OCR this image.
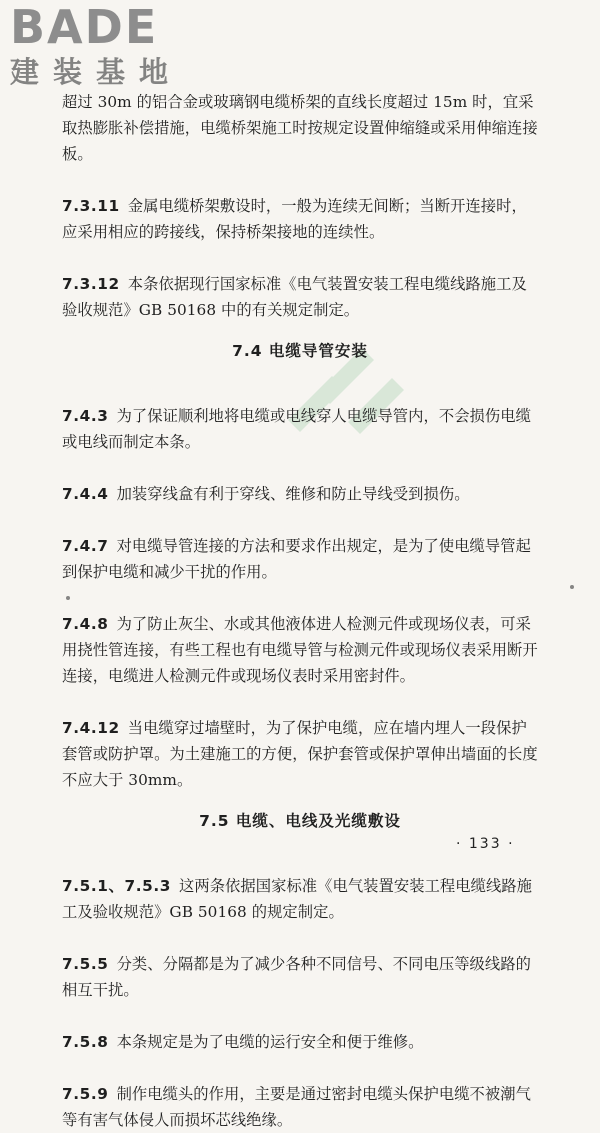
BADE
建装基地

超过 30m 的铝合金或玻璃钢电缆桥架的直线长度超过 15m 时，宜采取热膨胀补偿措施，电缆桥架施工时按规定设置伸缩缝或采用伸缩连接板。

7.3.11 金属电缆桥架敷设时，一般为连续无间断；当断开连接时，应采用相应的跨接线，保持桥架接地的连续性。

7.3.12 本条依据现行国家标准《电气装置安装工程电缆线路施工及验收规范》GB 50168 中的有关规定制定。

7.4 电缆导管安装

7.4.3 为了保证顺利地将电缆或电线穿人电缆导管内，不会损伤电缆或电线而制定本条。

7.4.4 加装穿线盒有利于穿线、维修和防止导线受到损伤。

7.4.7 对电缆导管连接的方法和要求作出规定，是为了使电缆导管起到保护电缆和减少干扰的作用。

7.4.8 为了防止灰尘、水或其他液体进人检测元件或现场仪表，可采用挠性管连接，有些工程也有电缆导管与检测元件或现场仪表采用断开连接，电缆进人检测元件或现场仪表时采用密封件。

7.4.12 当电缆穿过墙壁时，为了保护电缆，应在墙内埋人一段保护套管或防护罩。为土建施工的方便，保护套管或保护罩伸出墙面的长度不应大于 30mm。

7.5 电缆、电线及光缆敷设

7.5.1、7.5.3 这两条依据国家标准《电气装置安装工程电缆线路施工及验收规范》GB 50168 的规定制定。

7.5.5 分类、分隔都是为了减少各种不同信号、不同电压等级线路的相互干扰。

7.5.8 本条规定是为了电缆的运行安全和便于维修。

7.5.9 制作电缆头的作用，主要是通过密封电缆头保护电缆不被潮气等有害气体侵人而损坏芯线绝缘。

· 133 ·
